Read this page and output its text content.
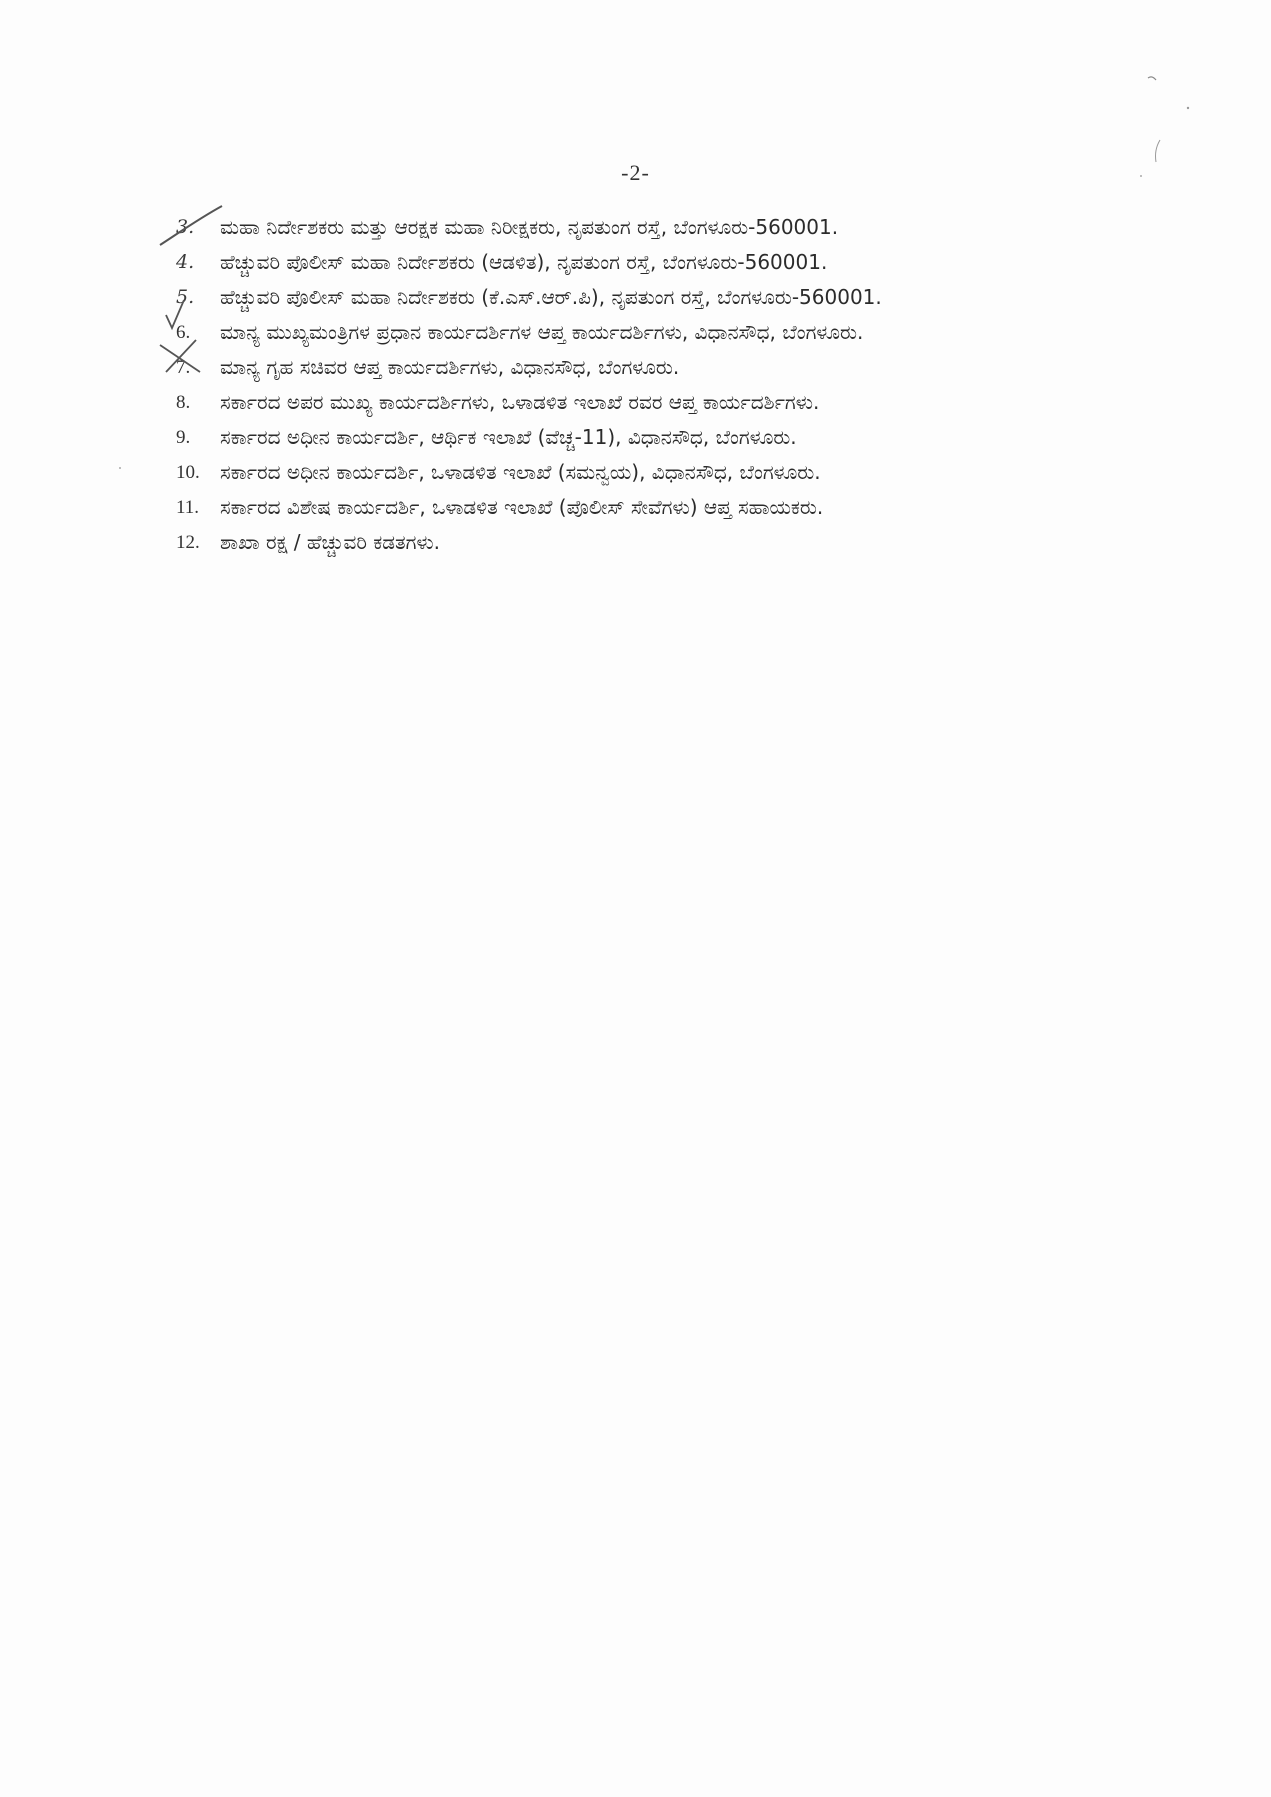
-2-
3.	ಮಹಾ ನಿರ್ದೇಶಕರು ಮತ್ತು ಆರಕ್ಷಕ ಮಹಾ ನಿರೀಕ್ಷಕರು, ನೃಪತುಂಗ ರಸ್ತೆ, ಬೆಂಗಳೂರು-560001.
4.	ಹೆಚ್ಚುವರಿ ಪೊಲೀಸ್ ಮಹಾ ನಿರ್ದೇಶಕರು (ಆಡಳಿತ), ನೃಪತುಂಗ ರಸ್ತೆ, ಬೆಂಗಳೂರು-560001.
5.	ಹೆಚ್ಚುವರಿ ಪೊಲೀಸ್ ಮಹಾ ನಿರ್ದೇಶಕರು (ಕೆ.ಎಸ್.ಆರ್.ಪಿ), ನೃಪತುಂಗ ರಸ್ತೆ, ಬೆಂಗಳೂರು-560001.
6.	ಮಾನ್ಯ ಮುಖ್ಯಮಂತ್ರಿಗಳ ಪ್ರಧಾನ ಕಾರ್ಯದರ್ಶಿಗಳ ಆಪ್ತ ಕಾರ್ಯದರ್ಶಿಗಳು, ವಿಧಾನಸೌಧ, ಬೆಂಗಳೂರು.
7.	ಮಾನ್ಯ ಗೃಹ ಸಚಿವರ ಆಪ್ತ ಕಾರ್ಯದರ್ಶಿಗಳು, ವಿಧಾನಸೌಧ, ಬೆಂಗಳೂರು.
8.	ಸರ್ಕಾರದ ಅಪರ ಮುಖ್ಯ ಕಾರ್ಯದರ್ಶಿಗಳು, ಒಳಾಡಳಿತ ಇಲಾಖೆ ರವರ ಆಪ್ತ ಕಾರ್ಯದರ್ಶಿಗಳು.
9.	ಸರ್ಕಾರದ ಅಧೀನ ಕಾರ್ಯದರ್ಶಿ, ಆರ್ಥಿಕ ಇಲಾಖೆ (ವೆಚ್ಚ-11), ವಿಧಾನಸೌಧ, ಬೆಂಗಳೂರು.
10.	ಸರ್ಕಾರದ ಅಧೀನ ಕಾರ್ಯದರ್ಶಿ, ಒಳಾಡಳಿತ ಇಲಾಖೆ (ಸಮನ್ವಯ), ವಿಧಾನಸೌಧ, ಬೆಂಗಳೂರು.
11.	ಸರ್ಕಾರದ ವಿಶೇಷ ಕಾರ್ಯದರ್ಶಿ, ಒಳಾಡಳಿತ ಇಲಾಖೆ (ಪೊಲೀಸ್ ಸೇವೆಗಳು) ಆಪ್ತ ಸಹಾಯಕರು.
12.	ಶಾಖಾ ರಕ್ಷ / ಹೆಚ್ಚುವರಿ ಕಡತಗಳು.
